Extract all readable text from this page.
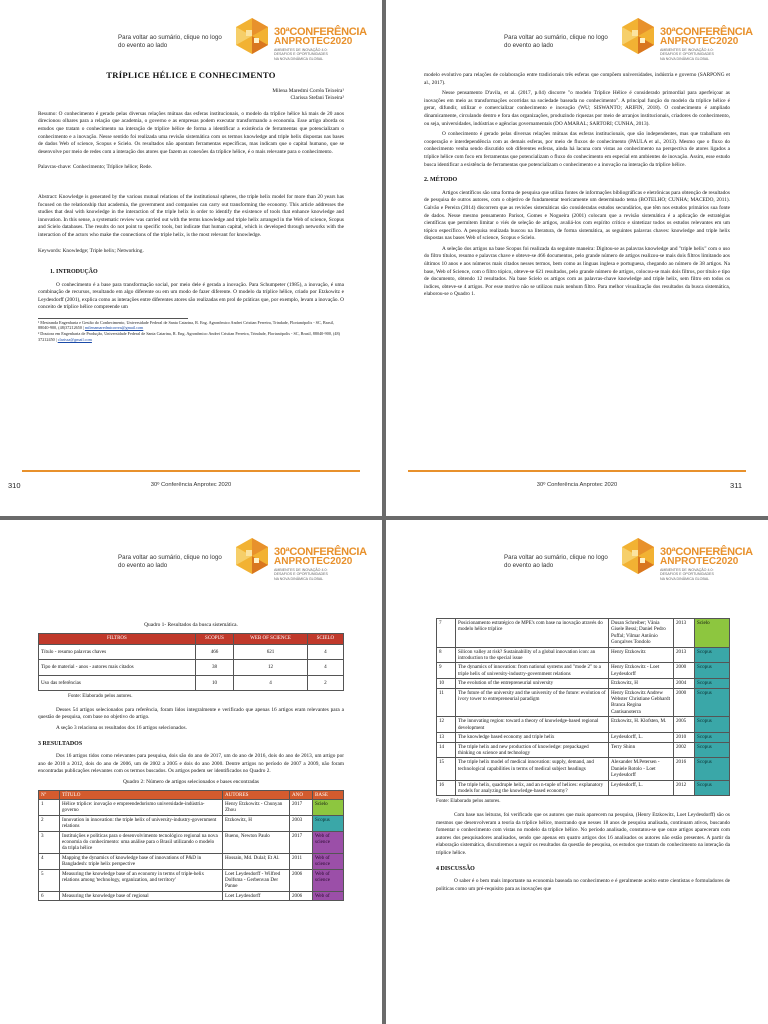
Para voltar ao sumário, clique no logo do evento ao lado
30ªCONFERÊNCIA
ANPROTEC2020
AMBIENTES DE INOVAÇÃO 4.0:
DESAFIOS E OPORTUNIDADES
NA NOVA DINÂMICA GLOBAL
TRÍPLICE HÉLICE E CONHECIMENTO
Milena Maredmi Corrêa Teixeira¹
Clarissa Stefani Teixeira²

Resumo: O conhecimento é gerado pelas diversas relações mútuas das esferas institucionais, o modelo da tríplice hélice há mais de 20 anos direcionou olhares para a relação que academia, o governo e as empresas podem executar transformando a economia. Esse artigo aborda os estudos que tratam o conhecimento na interação de tríplice hélice de forma a identificar a existência de ferramentas que potencializam o conhecimento e a inovação. Nesse sentido foi realizada uma revisão sistemática com os termos knowledge and triple helix dispostas nas bases de dados Web of science, Scopus e Scielo. Os resultados não apontam ferramentas específicas, mas indicam que o capital humano, que se desenvolve por meio de redes com a interação dos atores que fazem as conexões da tríplice hélice, é o mais relevante para o conhecimento.

Palavras-chave: Conhecimento; Tríplice hélice; Rede.

Abstract: Knowledge is generated by the various mutual relations of the institutional spheres, the triple helix model for more than 20 years has focused on the relationship that academia, the government and companies can carry out transforming the economy. This article addresses the studies that deal with knowledge in the interaction of the triple helix in order to identify the existence of tools that enhance knowledge and innovation. In this sense, a systematic review was carried out with the terms knowledge and triple helix arranged in the Web of science, Scopus and Scielo databases. The results do not point to specific tools, but indicate that human capital, which is developed through networks with the interaction of the actors who make the connections of the triple helix, is the most relevant for knowledge.

Keywords: Knowledge; Triple helix; Networking.

1. INTRODUÇÃO

O conhecimento é a base para transformação social, por meio dele é gerada a inovação. Para Schumpeter (1985), a inovação, é uma combinação de recursos, resultando em algo diferente ou em um modo de fazer diferente. O modelo da tríplice hélice, criado por Etzkowitz e Leydesdorff (2001), explica como as interações entre diferentes atores são realizadas em prol de práticas que, por exemplo, levam a inovação. O conceito de tríplice hélice compreende um

¹ Mestranda Engenharia e Gestão do Conhecimento, Universidade Federal de Santa Catarina, R. Eng. Agronômico Andrei Cristian Ferreira, Trindade, Florianópolis - SC, Brasil, 88040-900, (48)37212650 | milenamaredmicorrea@gmail.com

² Doutora em Engenharia de Produção, Universidade Federal de Santa Catarina, R. Eng. Agronômico Andrei Cristian Ferreira, Trindade, Florianópolis - SC, Brasil, 88040-900, (48) 37212450 | clarissa@gmail.com

310	30º Conferência Anprotec 2020
Para voltar ao sumário, clique no logo do evento ao lado
30ªCONFERÊNCIA
ANPROTEC2020
AMBIENTES DE INOVAÇÃO 4.0:
DESAFIOS E OPORTUNIDADES
NA NOVA DINÂMICA GLOBAL

modelo evolutivo para relações de colaboração entre tradicionais três esferas que compõem universidades, indústria e governo (SARPONG et al., 2017).

Nesse pensamento D'avila, et al. (2017, p.04) discorre "o modelo Tríplice Hélice é considerado primordial para aperfeiçoar as inovações em meio as transformações ocorridas na sociedade baseada no conhecimento". A principal função do modelo da tríplice hélice é gerar, difundir, utilizar e comercializar conhecimento e inovação (WU; SISWANTO; ARIFIN, 2018). O conhecimento é ampliado dinamicamente, circulando dentro e fora das organizações, produzindo riquezas por meio de arranjos institucionais, criadores do conhecimento, ou seja, universidades, indústrias e agências governamentais (DO AMARAL; SARTORI; CUNHA, 2013).

O conhecimento é gerado pelas diversas relações mútuas das esferas institucionais, que são independentes, mas que trabalham em cooperação e interdependência com as demais esferas, por meio de fluxos de conhecimento (PAULA et al., 2013). Mesmo que o fluxo do conhecimento venha sendo discutido sob diferentes esferas, ainda há lacuna com vistas ao conhecimento na perspectiva de atores ligados a tríplice hélice com foco em ferramentas que potencializam o fluxo do conhecimento em especial em ambientes de inovação. Assim, esse estudo busca identificar a existência de ferramentas que potencializam o conhecimento e a inovação na interação da tríplice hélice.

2. MÉTODO

Artigos científicos são uma forma de pesquisa que utiliza fontes de informações bibliográficas e eletrônicas para obtenção de resultados de pesquisa de outros autores, com o objetivo de fundamentar teoricamente um determinado tema (BOTELHO; CUNHA; MACEDO, 2011). Galvão e Pereira (2014) discorrem que as revisões sistemáticas são consideradas estudos secundários, que têm nos estudos primários sua fonte de dados. Nesse mesmo pensamento Parisot, Gomes e Nogueira (2001) colocam que a revisão sistemática é a aplicação de estratégias científicas que permitem limitar o viés de seleção de artigos, avaliá-los com espírito crítico e sintetizar todos os estudos relevantes em um tópico específico. A pesquisa realizada buscou na literatura, de forma sistemática, as seguintes palavras chaves: knowledge and triple helix dispostas nas bases Web of science, Scopus e Scielo.

A seleção dos artigos na base Scopus foi realizada da seguinte maneira: Digitou-se as palavras knowledge and "triple helix" com o uso do filtro títulos, resumo e palavras chave e obteve-se 466 documentos, pelo grande número de artigos realizou-se mais dois filtros limitando aos últimos 10 anos e aos números mais citados nesses termos, bem como as línguas inglesa e portuguesa, chegando ao número de 38 artigos. Na base, Web of Science, com o filtro tópico, obteve-se 621 resultados, pelo grande número de artigos, colocou-se mais dois filtros, por título e tipo de documento, obtendo 12 resultados. Na base Scielo os artigos com as palavras-chave knowledge and triple helix, sem filtro em todos os índices, obteve-se 4 artigos. Por esse motivo não se utilizou mais nenhum filtro. Para melhor visualização dos resultados da busca sistemática, elaborou-se o Quadro 1.

30º Conferência Anprotec 2020	311
Para voltar ao sumário, clique no logo do evento ao lado
30ªCONFERÊNCIA
ANPROTEC2020
AMBIENTES DE INOVAÇÃO 4.0:
DESAFIOS E OPORTUNIDADES
NA NOVA DINÂMICA GLOBAL
Quadro 1- Resultados da busca sistemática.
FILTROS	SCOPUS	WEB OF SCIENCE	SCIELO
Título - resumo palavras chaves	466	621	4
Tipo de material - anos - autores mais citados	38	12	4
Uso das referências	10	4	2
Fonte: Elaborado pelos autores.

Desses 54 artigos selecionados para referência, foram lidos integralmente e verificado que apenas 16 artigos eram relevantes para a questão de pesquisa, com base no objetivo do artigo.

A seção 3 relaciona os resultados dos 16 artigos selecionados.

3 RESULTADOS

Dos 16 artigos tidos como relevantes para pesquisa, dois são do ano de 2017, um do ano de 2016, dois do ano de 2013, um artigo por ano de 2010 a 2012, dois do ano de 2006, um de 2002 a 2005 e dois do ano 2000. Dentre artigos no período de 2007 a 2009, não foram encontradas publicações relevantes com os termos buscados. Os artigos podem ser identificados no Quadro 2.

Quadro 2: Número de artigos selecionados e bases encontradas
Nº	TÍTULO	AUTORES	ANO	BASE
1	Hélice tríplice: inovação e empreendedorismo universidade-indústria-governo	Henry Etzkowitz - Chunyan Zhou	2017	Scielo
2	Innovation in innovation: the triple helix of university-industry-government relations	Etzkowitz, H	2003	Scopus
3	Instituições e políticas para o desenvolvimento tecnológico regional na nova economia do conhecimento: uma análise para o Brasil utilizando o modelo da tripla hélice	Bueno, Newton Paulo	2017	Web of science
4	Mapping the dynamics of knowledge base of innovations of P&D in Bangladesh: triple helix perspective	Hossain, Md. Dulal; Et Al.	2011	Web of science
5	Measuring the knowledge base of an economy in terms of triple-helix relations among 'technology, organization, and territory'	Loet Leydesdorff - Wilfred Dolfsma - Gerbenvan Der Panne	2006	Web of science
6	Measuring the knowledge base of regional	Loet Leydesdorff	2006	Web of
Para voltar ao sumário, clique no logo do evento ao lado
30ªCONFERÊNCIA
ANPROTEC2020
AMBIENTES DE INOVAÇÃO 4.0:
DESAFIOS E OPORTUNIDADES
NA NOVA DINÂMICA GLOBAL
7	Posicionamento estratégico de MPE's com base na inovação através do modelo hélice tríplice	Dusan Schreiber; Vânia Gisele Bessi; Daniel Pedro Puffal; Vilmar Antônio Gonçalves Tondolo	2013	Scielo
8	Silicon valley at risk? Sustainability of a global innovation icon: an introduction to the special issue	Henry Etzkowitz	2013	Scopus
9	The dynamics of innovation: from national systems and "mode 2" to a triple helix of university-industry-government relations	Henry Etzkowitz - Loet Leydesdorff	2000	Scopus
10	The evolution of the entrepreneurial university	Etzkowitz, H	2004	Scopus
11	The future of the university and the university of the future: evolution of ivory tower to entrepreneurial paradigm	Henry Etzkowitz Andrew Webster Christiane Gebhardt Branca Regina Cantisanoterra	2000	Scopus
12	The innovating region: toward a theory of knowledge-based regional development	Etzkowitz, H. Klofsten, M.	2005	Scopus
13	The knowledge based economy and triple helix	Leydesdorff, L.	2010	Scopus
14	The triple helix and new production of knowledge: prepackaged thinking on science and technology	Terry Shinn	2002	Scopus
15	The triple helix model of medical innovation: supply, demand, and technological capabilities in terms of medical subject headings	Alexander M.Petersen - Daniele Rotolo - Loet Leydesdorff	2016	Scopus
16	The triple helix, quadruple helix, and an n-tuple of helices: explanatory models for analyzing the knowledge-based economy?	Leydesdorff, L.	2012	Scopus
Fonte: Elaborado pelos autores.

Com base nas leituras, foi verificado que os autores que mais aparecem na pesquisa, (Henry Etzkowitz, Loet Leydesdorff) são os mesmos que desenvolveram a teoria da tríplice hélice, mostrando que nesses 18 anos de pesquisa analisada, continuam ativos, buscando fomentar o conhecimento com vistas no modelo da tríplice hélice. No período analisado, constatou-se que onze artigos apareceram com autores dos pesquisadores analisados, sendo que apenas em quatro artigos dos 16 analisados os autores não estão presentes. A partir da elaboração sistemática, discutiremos a seguir os resultados da questão de pesquisa, os estudos que tratam do conhecimento na interação da tríplice hélice.

4 DISCUSSÃO

O saber é o bem mais importante na economia baseada no conhecimento e é geralmente aceito entre cientistas e formuladores de políticas como um pré-requisito para as inovações que
